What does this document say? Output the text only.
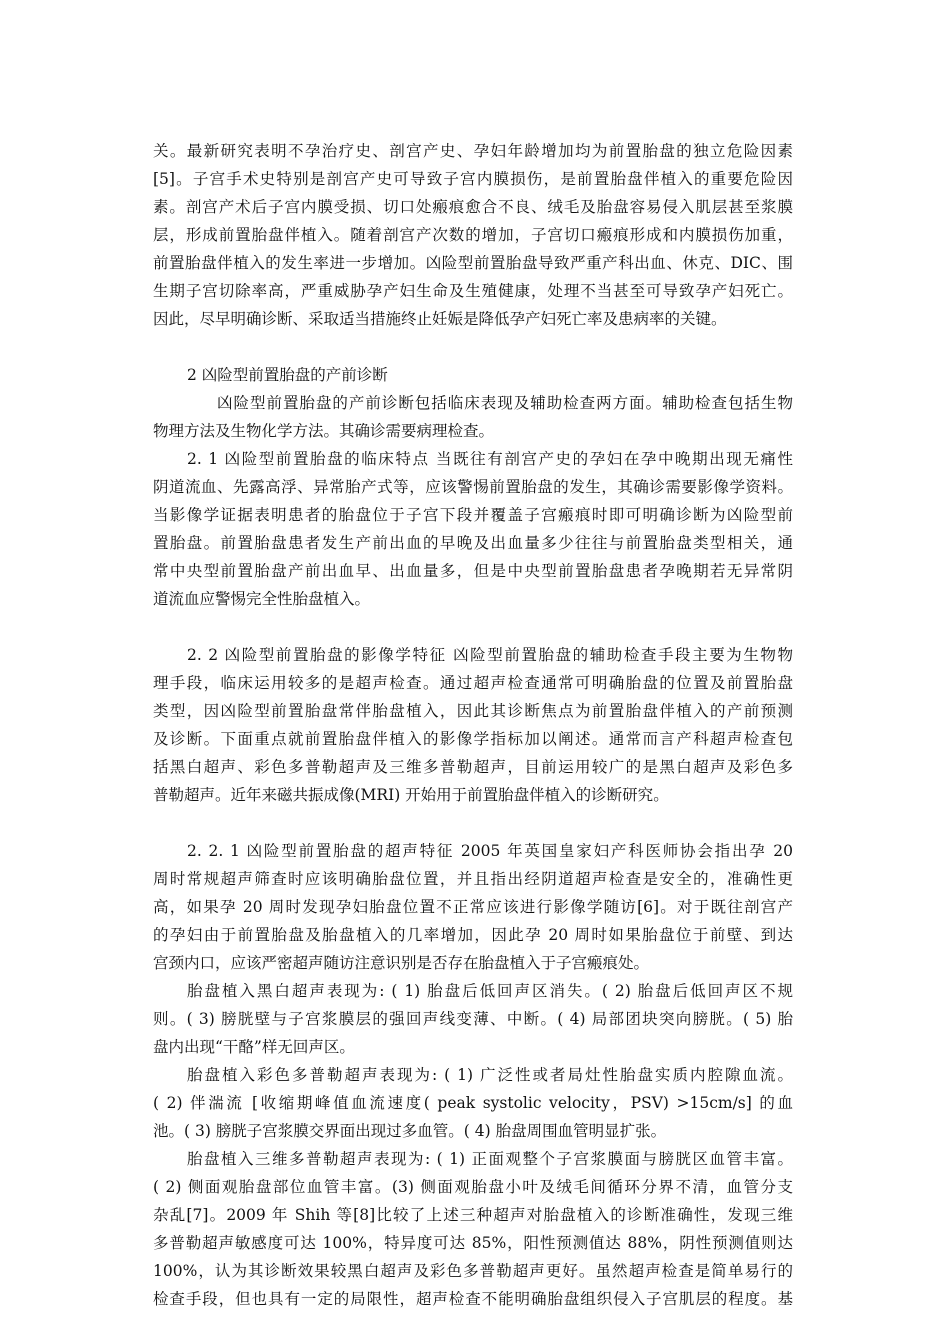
关。最新研究表明不孕治疗史、剖宫产史、孕妇年龄增加均为前置胎盘的独立危险因素
[5]。子宫手术史特别是剖宫产史可导致子宫内膜损伤，是前置胎盘伴植入的重要危险因
素。剖宫产术后子宫内膜受损、切口处瘢痕愈合不良、绒毛及胎盘容易侵入肌层甚至浆膜
层，形成前置胎盘伴植入。随着剖宫产次数的增加，子宫切口瘢痕形成和内膜损伤加重，
前置胎盘伴植入的发生率进一步增加。凶险型前置胎盘导致严重产科出血、休克、DIC、围
生期子宫切除率高，严重威胁孕产妇生命及生殖健康，处理不当甚至可导致孕产妇死亡。
因此，尽早明确诊断、采取适当措施终止妊娠是降低孕产妇死亡率及患病率的关键。
2 凶险型前置胎盘的产前诊断
凶险型前置胎盘的产前诊断包括临床表现及辅助检查两方面。辅助检查包括生物
物理方法及生物化学方法。其确诊需要病理检查。
2. 1 凶险型前置胎盘的临床特点 当既往有剖宫产史的孕妇在孕中晚期出现无痛性
阴道流血、先露高浮、异常胎产式等，应该警惕前置胎盘的发生，其确诊需要影像学资料。
当影像学证据表明患者的胎盘位于子宫下段并覆盖子宫瘢痕时即可明确诊断为凶险型前
置胎盘。前置胎盘患者发生产前出血的早晚及出血量多少往往与前置胎盘类型相关，通
常中央型前置胎盘产前出血早、出血量多，但是中央型前置胎盘患者孕晚期若无异常阴
道流血应警惕完全性胎盘植入。
2. 2 凶险型前置胎盘的影像学特征 凶险型前置胎盘的辅助检查手段主要为生物物
理手段，临床运用较多的是超声检查。通过超声检查通常可明确胎盘的位置及前置胎盘
类型，因凶险型前置胎盘常伴胎盘植入，因此其诊断焦点为前置胎盘伴植入的产前预测
及诊断。下面重点就前置胎盘伴植入的影像学指标加以阐述。通常而言产科超声检查包
括黑白超声、彩色多普勒超声及三维多普勒超声，目前运用较广的是黑白超声及彩色多
普勒超声。近年来磁共振成像(MRI) 开始用于前置胎盘伴植入的诊断研究。
2. 2. 1 凶险型前置胎盘的超声特征 2005 年英国皇家妇产科医师协会指出孕 20
周时常规超声筛查时应该明确胎盘位置，并且指出经阴道超声检查是安全的，准确性更
高，如果孕 20 周时发现孕妇胎盘位置不正常应该进行影像学随访[6]。对于既往剖宫产
的孕妇由于前置胎盘及胎盘植入的几率增加，因此孕 20 周时如果胎盘位于前壁、到达
宫颈内口，应该严密超声随访注意识别是否存在胎盘植入于子宫瘢痕处。
胎盘植入黑白超声表现为: ( 1) 胎盘后低回声区消失。( 2) 胎盘后低回声区不规
则。( 3) 膀胱壁与子宫浆膜层的强回声线变薄、中断。( 4) 局部团块突向膀胱。( 5) 胎
盘内出现“干酪”样无回声区。
胎盘植入彩色多普勒超声表现为: ( 1) 广泛性或者局灶性胎盘实质内腔隙血流。
( 2) 伴湍流 [收缩期峰值血流速度( peak systolic velocity，PSV) >15cm/s] 的血
池。( 3) 膀胱子宫浆膜交界面出现过多血管。( 4) 胎盘周围血管明显扩张。
胎盘植入三维多普勒超声表现为: ( 1) 正面观整个子宫浆膜面与膀胱区血管丰富。
( 2) 侧面观胎盘部位血管丰富。(3) 侧面观胎盘小叶及绒毛间循环分界不清，血管分支
杂乱[7]。2009 年 Shih 等[8]比较了上述三种超声对胎盘植入的诊断准确性，发现三维
多普勒超声敏感度可达 100%，特异度可达 85%，阳性预测值达 88%，阴性预测值则达
100%，认为其诊断效果较黑白超声及彩色多普勒超声更好。虽然超声检查是简单易行的
检查手段，但也具有一定的局限性，超声检查不能明确胎盘组织侵入子宫肌层的程度。基
